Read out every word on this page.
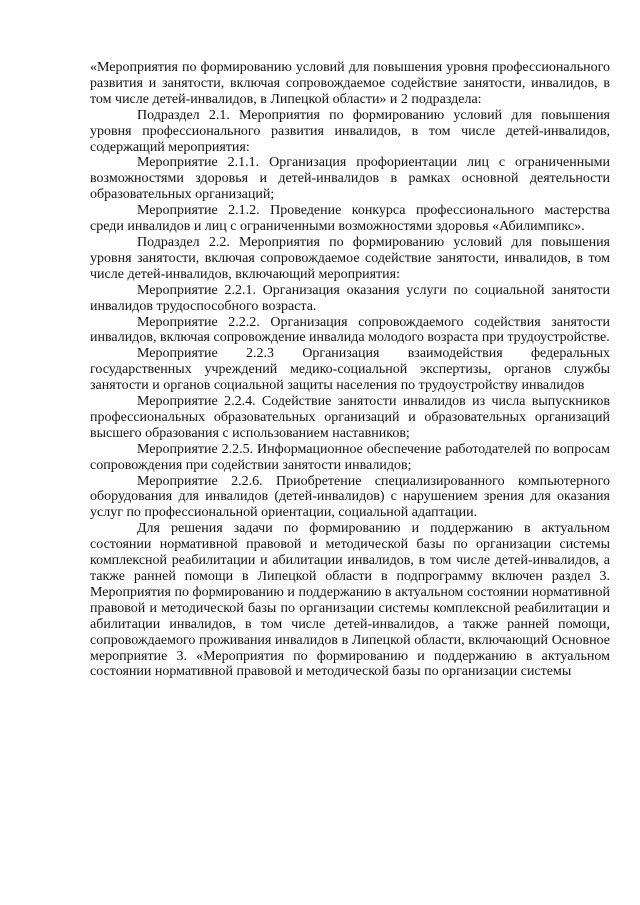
«Мероприятия по формированию условий для повышения уровня профессионального развития и занятости, включая сопровождаемое содействие занятости, инвалидов, в том числе детей-инвалидов, в Липецкой области» и 2 подраздела:

Подраздел 2.1. Мероприятия по формированию условий для повышения уровня профессионального развития инвалидов, в том числе детей-инвалидов, содержащий мероприятия:

Мероприятие 2.1.1. Организация профориентации лиц с ограниченными возможностями здоровья и детей-инвалидов в рамках основной деятельности образовательных организаций;

Мероприятие 2.1.2. Проведение конкурса профессионального мастерства среди инвалидов и лиц с ограниченными возможностями здоровья «Абилимпикс».

Подраздел 2.2. Мероприятия по формированию условий для повышения уровня занятости, включая сопровождаемое содействие занятости, инвалидов, в том числе детей-инвалидов, включающий мероприятия:

Мероприятие 2.2.1. Организация оказания услуги по социальной занятости инвалидов трудоспособного возраста.

Мероприятие 2.2.2. Организация сопровождаемого содействия занятости инвалидов, включая сопровождение инвалида молодого возраста при трудоустройстве.

Мероприятие 2.2.3 Организация взаимодействия федеральных государственных учреждений медико-социальной экспертизы, органов службы занятости и органов социальной защиты населения по трудоустройству инвалидов

Мероприятие 2.2.4. Содействие занятости инвалидов из числа выпускников профессиональных образовательных организаций и образовательных организаций высшего образования с использованием наставников;

Мероприятие 2.2.5. Информационное обеспечение работодателей по вопросам сопровождения при содействии занятости инвалидов;

Мероприятие 2.2.6. Приобретение специализированного компьютерного оборудования для инвалидов (детей-инвалидов) с нарушением зрения для оказания услуг по профессиональной ориентации, социальной адаптации.

Для решения задачи по формированию и поддержанию в актуальном состоянии нормативной правовой и методической базы по организации системы комплексной реабилитации и абилитации инвалидов, в том числе детей-инвалидов, а также ранней помощи в Липецкой области в подпрограмму включен раздел 3. Мероприятия по формированию и поддержанию в актуальном состоянии нормативной правовой и методической базы по организации системы комплексной реабилитации и абилитации инвалидов, в том числе детей-инвалидов, а также ранней помощи, сопровождаемого проживания инвалидов в Липецкой области, включающий Основное мероприятие 3. «Мероприятия по формированию и поддержанию в актуальном состоянии нормативной правовой и методической базы по организации системы
